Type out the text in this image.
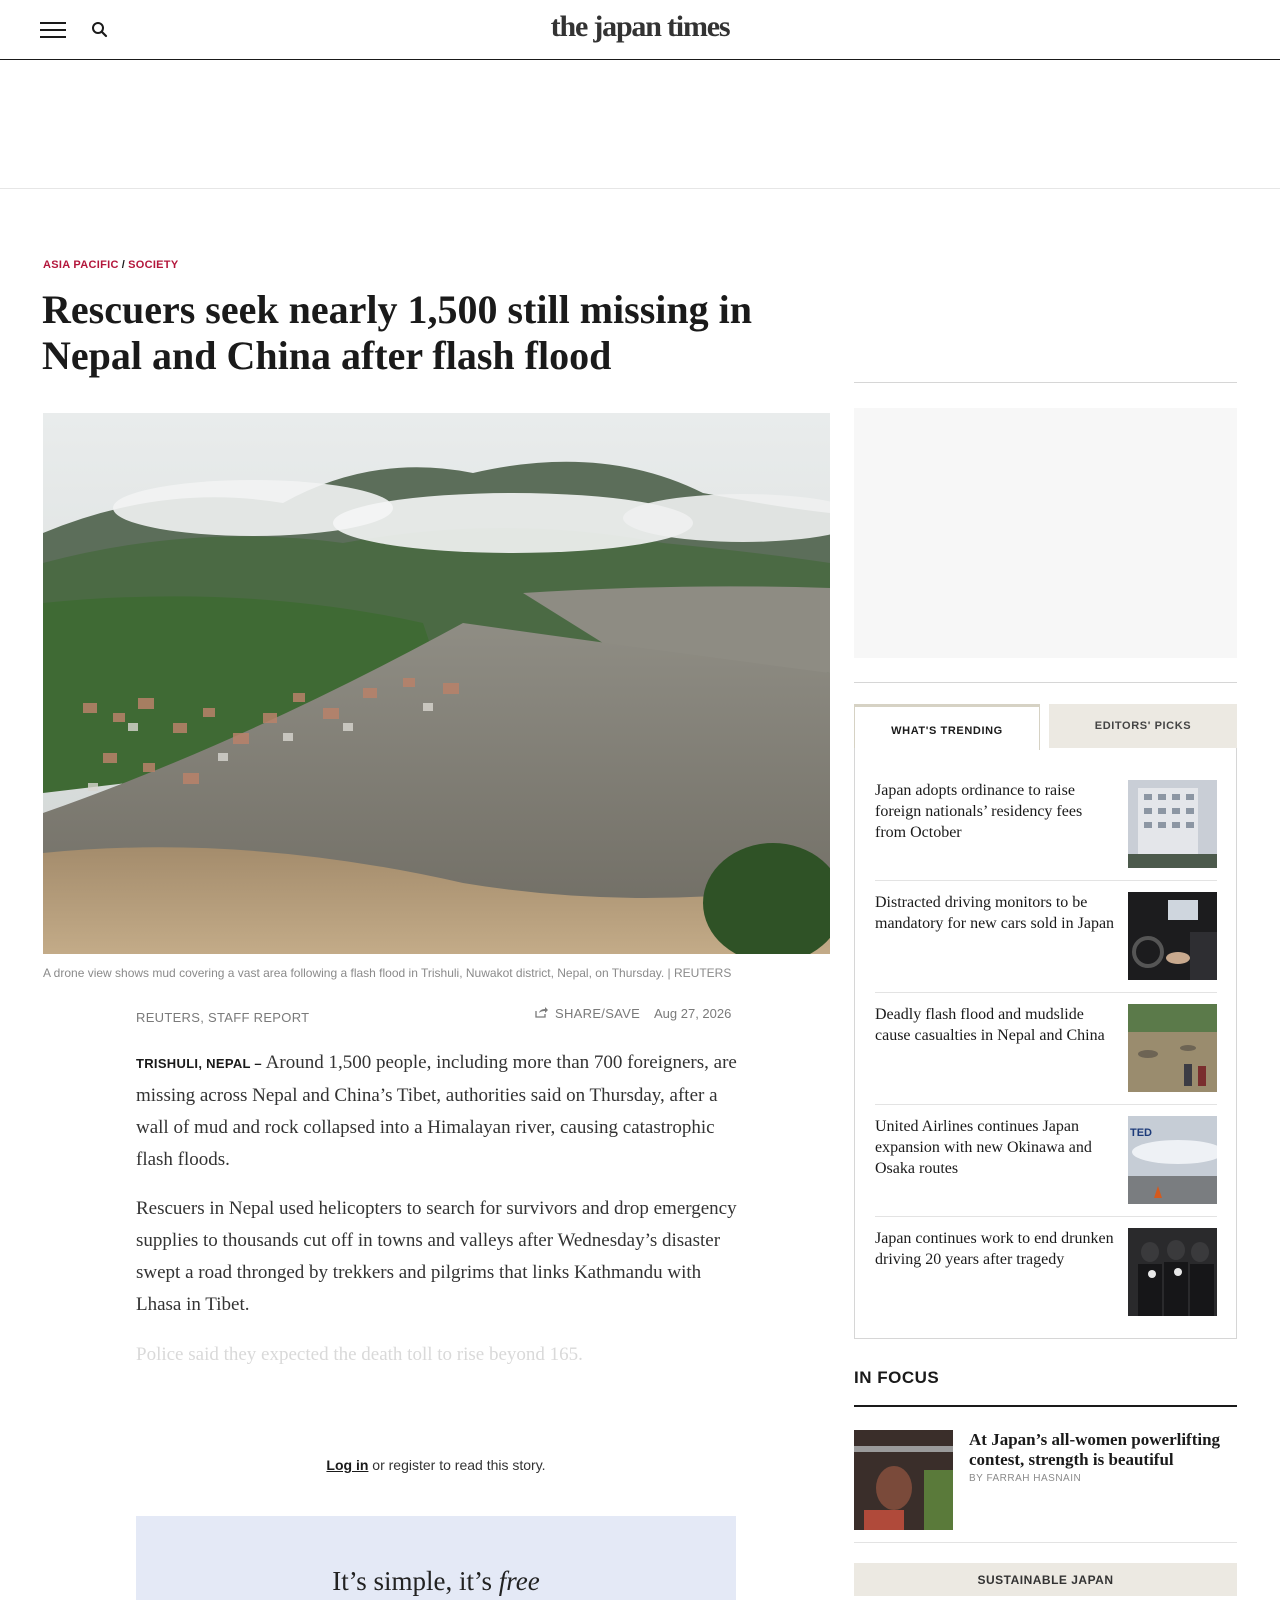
the japan times
ASIA PACIFIC / SOCIETY
Rescuers seek nearly 1,500 still missing in Nepal and China after flash flood
A drone view shows mud covering a vast area following a flash flood in Trishuli, Nuwakot district, Nepal, on Thursday. | REUTERS
REUTERS, STAFF REPORT	SHARE/SAVE Aug 27, 2026

TRISHULI, NEPAL – Around 1,500 people, including more than 700 foreigners, are missing across Nepal and China’s Tibet, authorities said on Thursday, after a wall of mud and rock collapsed into a Himalayan river, causing catastrophic flash floods.

Rescuers in Nepal used helicopters to search for survivors and drop emergency supplies to thousands cut off in towns and valleys after Wednesday’s disaster swept a road thronged by trekkers and pilgrims that links Kathmandu with Lhasa in Tibet.

Police said they expected the death toll to rise beyond 165.

Log in or register to read this story.
It’s simple, it’s free
WHAT'S TRENDING	EDITORS' PICKS
Japan adopts ordinance to raise foreign nationals’ residency fees from October
Distracted driving monitors to be mandatory for new cars sold in Japan
Deadly flash flood and mudslide cause casualties in Nepal and China
United Airlines continues Japan expansion with new Okinawa and Osaka routes
TED
Japan continues work to end drunken driving 20 years after tragedy
IN FOCUS
At Japan’s all-women powerlifting contest, strength is beautiful
BY FARRAH HASNAIN
SUSTAINABLE JAPAN
